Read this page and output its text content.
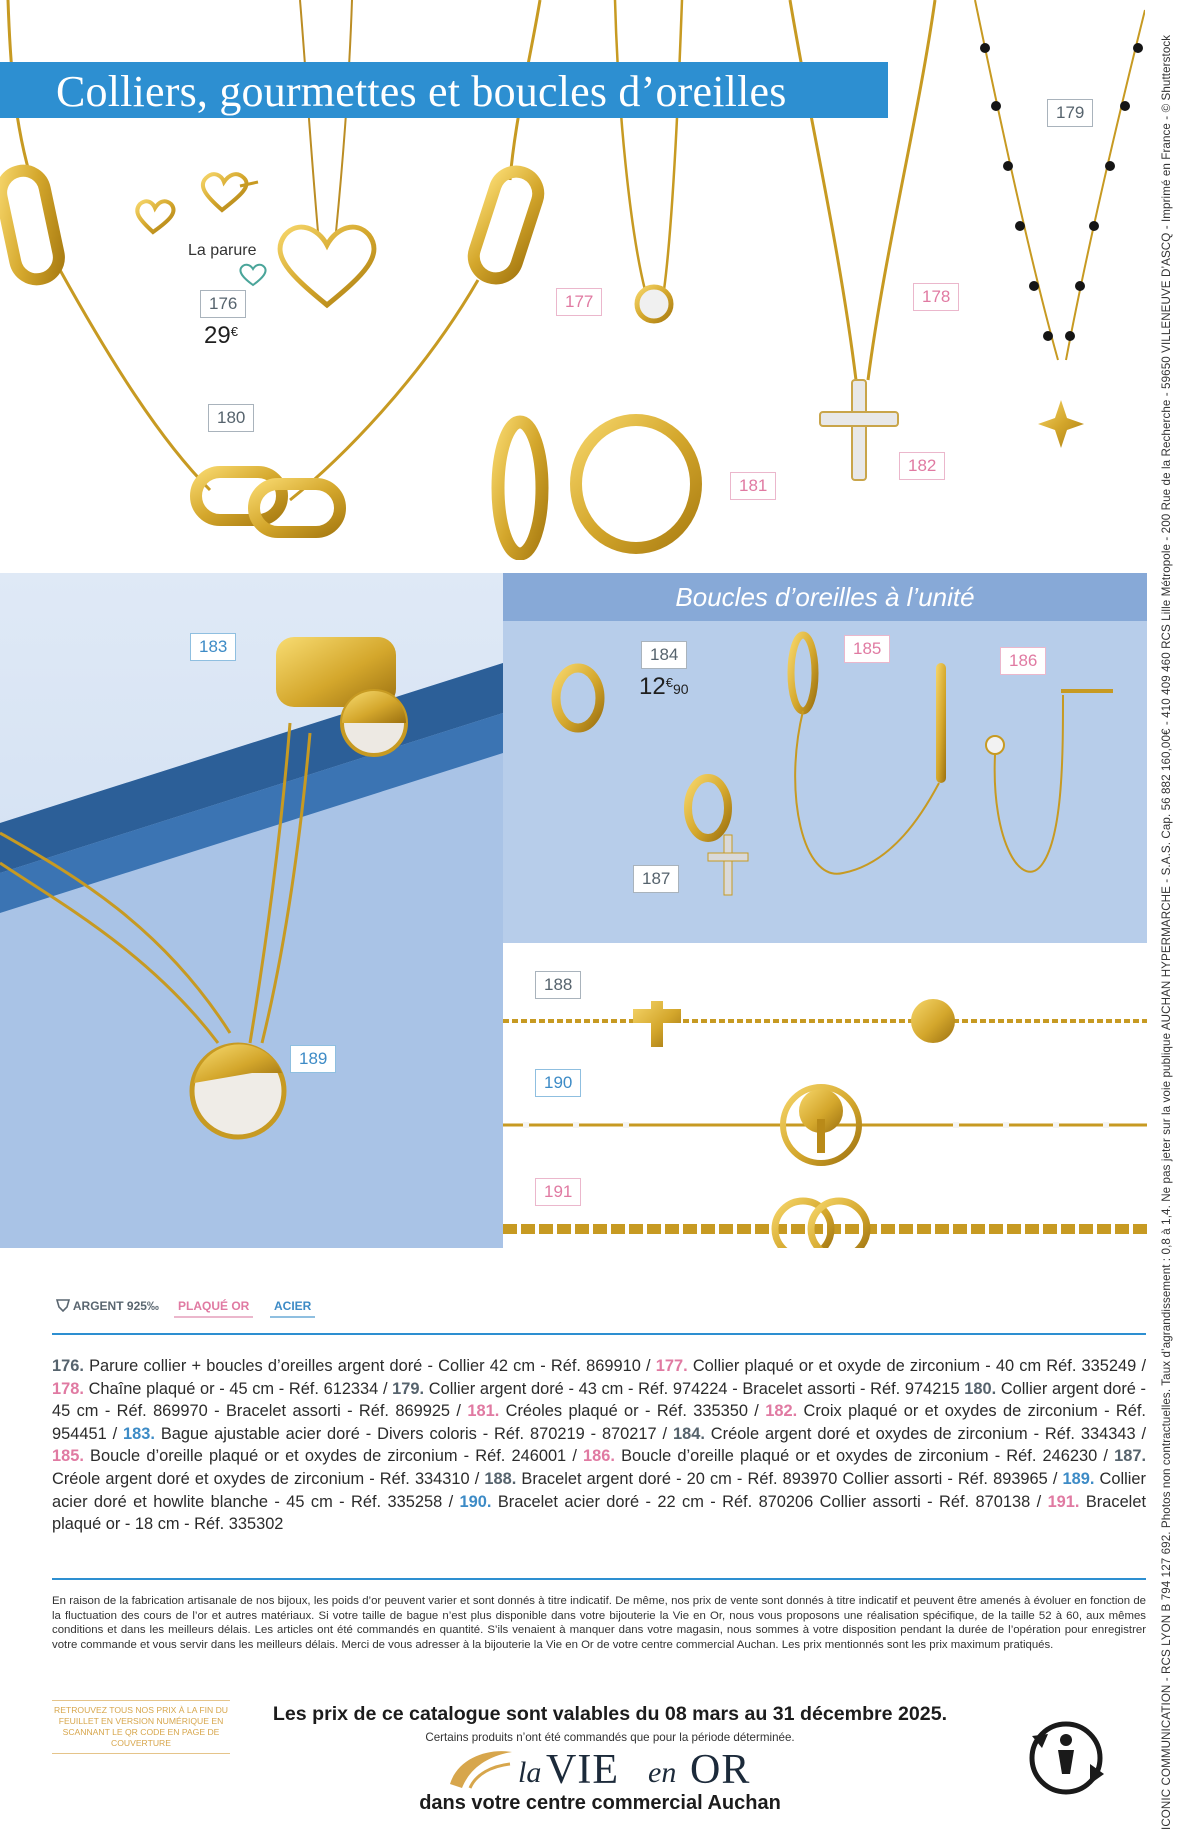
Colliers, gourmettes et boucles d’oreilles
La parure
176
29€
180
177	178
179
181
182
183
189
Boucles d’oreilles à l’unité
184
12€90
185
186
187
188
190
191
ARGENT 925‰	PLAQUÉ OR	ACIER
176. Parure collier + boucles d’oreilles argent doré - Collier 42 cm - Réf. 869910 / 177. Collier plaqué or et oxyde de zirconium - 40 cm Réf. 335249 / 178. Chaîne plaqué or - 45 cm - Réf. 612334 / 179. Collier argent doré - 43 cm - Réf. 974224 - Bracelet assorti - Réf. 974215 180. Collier argent doré - 45 cm - Réf. 869970 - Bracelet assorti - Réf. 869925 / 181. Créoles plaqué or - Réf. 335350 / 182. Croix plaqué or et oxydes de zirconium - Réf. 954451 / 183. Bague ajustable acier doré - Divers coloris - Réf. 870219 - 870217 / 184. Créole argent doré et oxydes de zirconium - Réf. 334343 / 185. Boucle d’oreille plaqué or et oxydes de zirconium - Réf. 246001 / 186. Boucle d’oreille plaqué or et oxydes de zirconium - Réf. 246230 / 187. Créole argent doré et oxydes de zirconium - Réf. 334310 / 188. Bracelet argent doré - 20 cm - Réf. 893970 Collier assorti - Réf. 893965 / 189. Collier acier doré et howlite blanche - 45 cm - Réf. 335258 / 190. Bracelet acier doré - 22 cm - Réf. 870206 Collier assorti - Réf. 870138 / 191. Bracelet plaqué or - 18 cm - Réf. 335302
En raison de la fabrication artisanale de nos bijoux, les poids d’or peuvent varier et sont donnés à titre indicatif. De même, nos prix de vente sont donnés à titre indicatif et peuvent être amenés à évoluer en fonction de la fluctuation des cours de l’or et autres matériaux. Si votre taille de bague n’est plus disponible dans votre bijouterie la Vie en Or, nous vous proposons une réalisation spécifique, de la taille 52 à 60, aux mêmes conditions et dans les meilleurs délais. Les articles ont été commandés en quantité. S’ils venaient à manquer dans votre magasin, nous sommes à votre disposition pendant la durée de l’opération pour enregistrer votre commande et vous servir dans les meilleurs délais. Merci de vous adresser à la bijouterie la Vie en Or de votre centre commercial Auchan. Les prix mentionnés sont les prix maximum pratiqués.
RETROUVEZ TOUS NOS PRIX À LA FIN DU FEUILLET EN VERSION NUMÉRIQUE EN SCANNANT LE QR CODE EN PAGE DE COUVERTURE
Les prix de ce catalogue sont valables du 08 mars au 31 décembre 2025.
Certains produits n’ont été commandés que pour la période déterminée.
la VIE en OR
dans votre centre commercial Auchan	ICONIC COMMUNICATION - RCS LYON B 794 127 692. Photos non contractuelles. Taux d’agrandissement : 0,8 à 1,4. Ne pas jeter sur la voie publique AUCHAN HYPERMARCHE - S.A.S. Cap. 56 882 160,00€ - 410 409 460 RCS Lille Métropole - 200 Rue de la Recherche - 59650 VILLENEUVE D’ASCQ - Imprimé en France - © Shutterstock
